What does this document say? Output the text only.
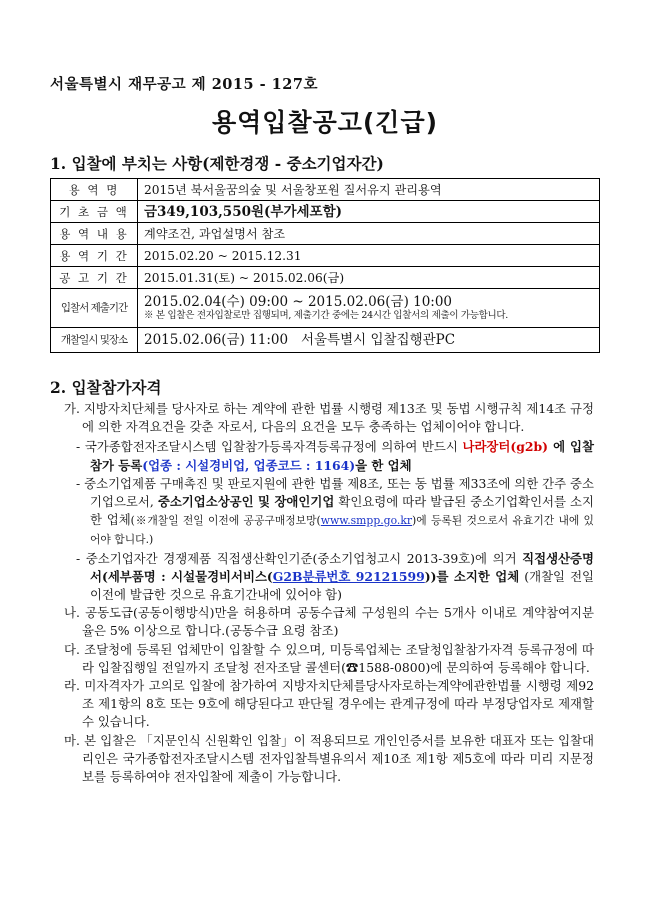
서울특별시 재무공고 제 2015 - 127호
용역입찰공고(긴급)
1. 입찰에 부치는 사항(제한경쟁 - 중소기업자간)
용 역 명	2015년 북서울꿈의숲 및 서울창포원 질서유지 관리용역
기 초 금 액	금349,103,550원(부가세포함)
용 역 내 용	계약조건, 과업설명서 참조
용 역 기 간	2015.02.20 ~ 2015.12.31
공 고 기 간	2015.01.31(토) ~ 2015.02.06(금)
입찰서 제출기간	2015.02.04(수) 09:00 ~ 2015.02.06(금) 10:00
※ 본 입찰은 전자입찰로만 집행되며, 제출기간 중에는 24시간 입찰서의 제출이 가능합니다.

개찰일시 및장소	2015.02.06(금) 11:00 서울특별시 입찰집행관PC
2. 입찰참가자격

가. 지방자치단체를 당사자로 하는 계약에 관한 법률 시행령 제13조 및 동법 시행규칙 제14조 규정에 의한 자격요건을 갖춘 자로서, 다음의 요건을 모두 충족하는 업체이어야 합니다.

- 국가종합전자조달시스템 입찰참가등록자격등록규정에 의하여 반드시 나라장터(g2b) 에 입찰참가 등록(업종 : 시설경비업, 업종코드 : 1164)을 한 업체

- 중소기업제품 구매촉진 및 판로지원에 관한 법률 제8조, 또는 동 법률 제33조에 의한 간주 중소기업으로서, 중소기업소상공인 및 장애인기업 확인요령에 따라 발급된 중소기업확인서를 소지한 업체(※개찰일 전일 이전에 공공구매정보망(www.smpp.go.kr)에 등록된 것으로서 유효기간 내에 있어야 합니다.)

- 중소기업자간 경쟁제품 직접생산확인기준(중소기업청고시 2013-39호)에 의거 직접생산증명서(세부품명 : 시설물경비서비스(G2B분류번호 92121599))를 소지한 업체 (개찰일 전일 이전에 발급한 것으로 유효기간내에 있어야 함)

나. 공동도급(공동이행방식)만을 허용하며 공동수급체 구성원의 수는 5개사 이내로 계약참여지분율은 5% 이상으로 합니다.(공동수급 요령 참조)

다. 조달청에 등록된 업체만이 입찰할 수 있으며, 미등록업체는 조달청입찰참가자격 등록규정에 따라 입찰집행일 전일까지 조달청 전자조달 콜센터(☎1588-0800)에 문의하여 등록해야 합니다.

라. 미자격자가 고의로 입찰에 참가하여 지방자치단체를당사자로하는계약에관한법률 시행령 제92조 제1항의 8호 또는 9호에 해당된다고 판단될 경우에는 관계규정에 따라 부정당업자로 제재할 수 있습니다.

마. 본 입찰은 「지문인식 신원확인 입찰」이 적용되므로 개인인증서를 보유한 대표자 또는 입찰대리인은 국가종합전자조달시스템 전자입찰특별유의서 제10조 제1항 제5호에 따라 미리 지문정보를 등록하여야 전자입찰에 제출이 가능합니다.
